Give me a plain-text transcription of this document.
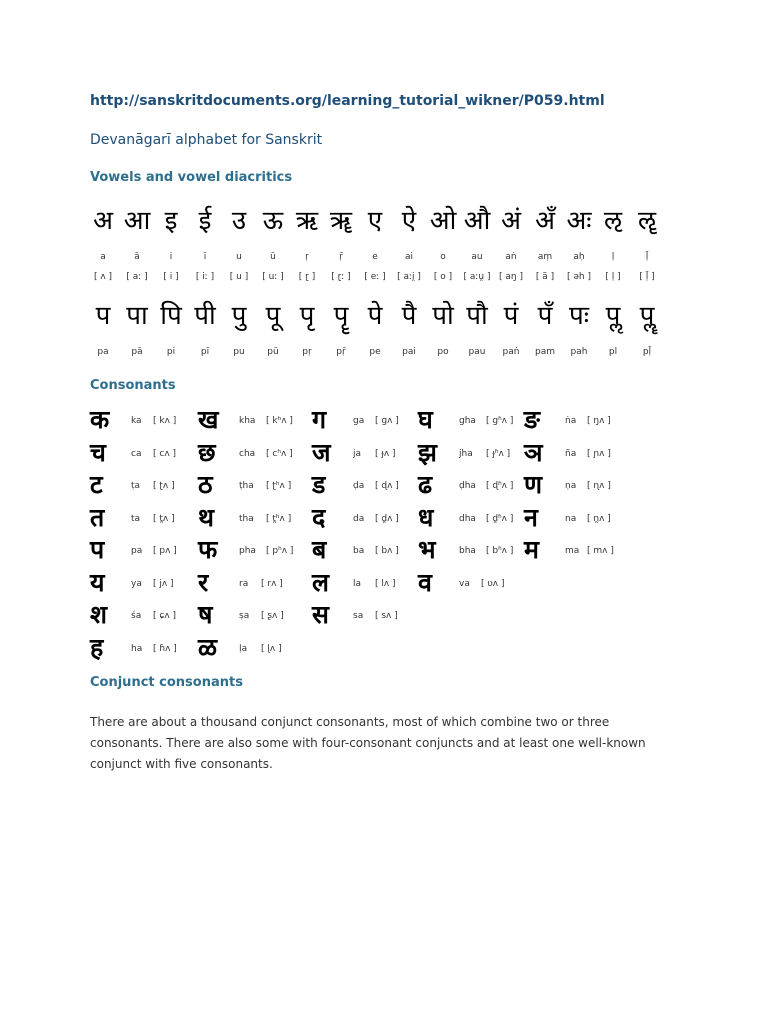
http://sanskritdocuments.org/learning_tutorial_wikner/P059.html
Devanāgarī alphabet for Sanskrit
Vowels and vowel diacritics
अ आ इ ई उ ऊ ऋ ॠ ए ऐ ओ औ अं अँ अः ऌ ॡ
a	ā	i	ī	u	ū	ṛ	ṝ	e	ai	o	au	aṅ	aṃ	aḥ	ḷ	ḹ
[ ʌ ]	[ aː ]	[ i ]	[ iː ]	[ u ]	[ uː ]	[ ɽ ]	[ ɽː ]	[ eː ]	[ aːi̯ ]	[ o ]	[ aːu̯ ] [ aŋ ]	[ ã ]	[ əh ]	[ ḷ ]	[ ḹ ]
प पा पि पी पु पू पृ पॄ पे पै पो पौ पं पँ पः पॢ पॣ
pa	pā	pi	pī	pu	pū	pṛ	pṝ	pe	pai	po	pau	paṅ	pam	pah	pl	pḹ
Consonants
क ka [ kʌ ] ख kha [ kʰʌ ] ग	ga [ ɡʌ ] घ	gha [ gʱʌ ] ङ	ṅa [ ŋʌ ]
च	ca [ cʌ ] छ	cha [ cʰʌ ] ज ja [ ɟʌ ] झ jha [ ɟʱʌ ] ञ ña [ ɲʌ ]
ट	ṭa [ ʈʌ ] ठ	ṭha [ ʈʰʌ ] ड	ḍa [ ɖʌ ] ढ	ḍha [ ɖʱʌ ] ण	ṇa [ ɳʌ ]
त	ta [ t̪ʌ ] थ	tha [ t̪ʰʌ ] द	da [ d̪ʌ ] ध	dha [ d̪ʱʌ ] न	na [ n̪ʌ ]
प	pa [ pʌ ] फ pha [ pʰʌ ] ब	ba [ bʌ ] भ	bha [ bʱʌ ] म	ma [ mʌ ]
य	ya [ jʌ ] र	ra [ rʌ ] ल	la [ lʌ ] व	va [ ʋʌ ]
श	śa [ ɕʌ ] ष	ṣa [ ʂʌ ] स	sa [ sʌ ]
ह	ha [ ɦʌ ] ळ ḷa [ ɭʌ ]
Conjunct consonants
There are about a thousand conjunct consonants, most of which combine two or three consonants. There are also some with four-consonant conjuncts and at least one well-known conjunct with five consonants.
